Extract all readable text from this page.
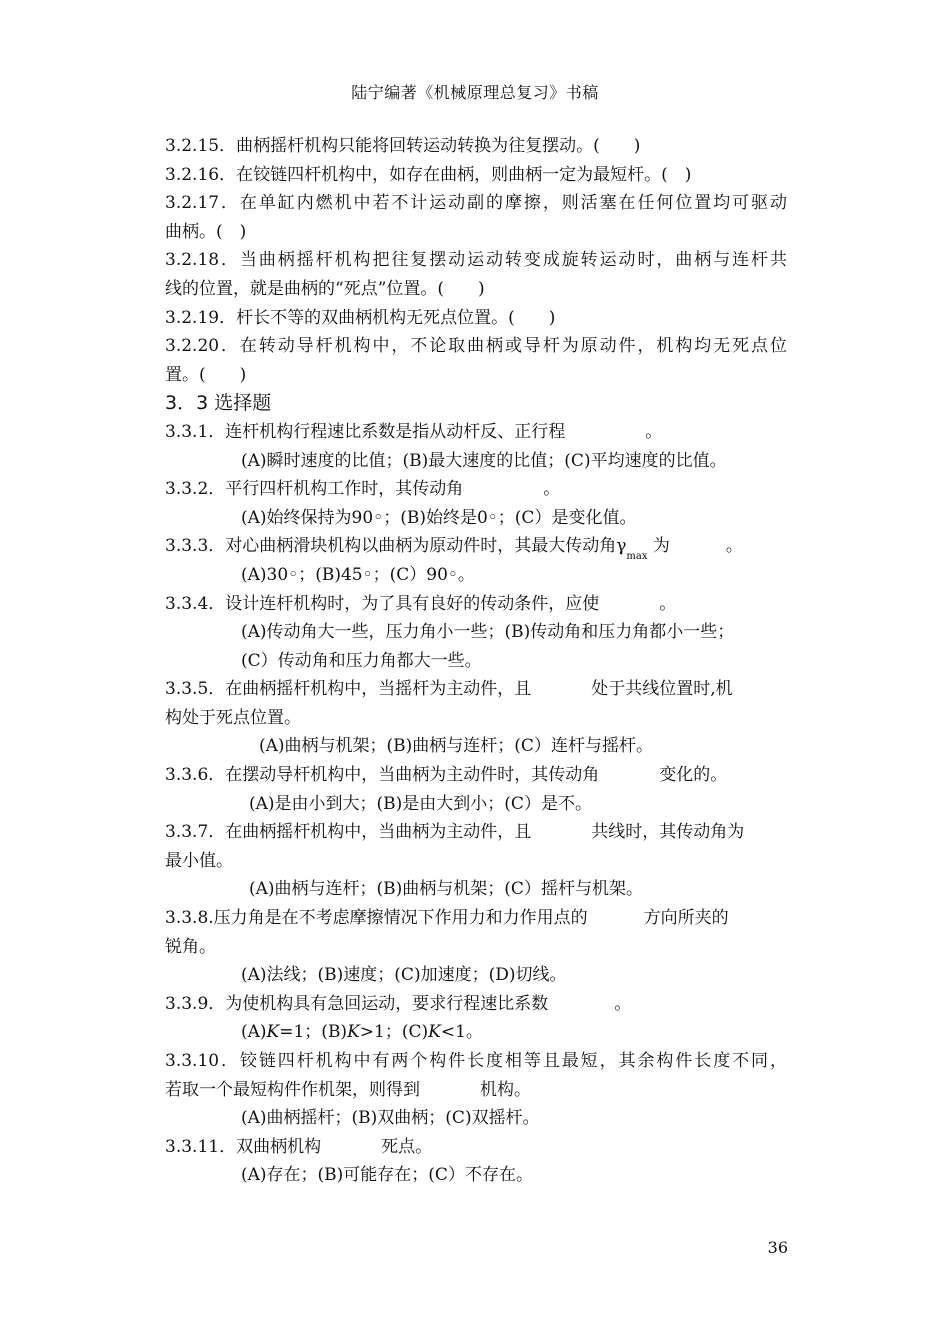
陆宁编著《机械原理总复习》书稿
3.2.15．曲柄摇杆机构只能将回转运动转换为往复摆动。(　　)
3.2.16．在铰链四杆机构中，如存在曲柄，则曲柄一定为最短杆。(　)
3.2.17．在单缸内燃机中若不计运动副的摩擦，则活塞在任何位置均可驱动
曲柄。(　)
3.2.18．当曲柄摇杆机构把往复摆动运动转变成旋转运动时，曲柄与连杆共
线的位置，就是曲柄的“死点”位置。(　　)
3.2.19．杆长不等的双曲柄机构无死点位置。(　　)
3.2.20．在转动导杆机构中，不论取曲柄或导杆为原动件，机构均无死点位
置。(　　)
3．3 选择题
3.3.1．连杆机构行程速比系数是指从动杆反、正行程	。
(A)瞬时速度的比值；(B)最大速度的比值；(C)平均速度的比值。
3.3.2．平行四杆机构工作时，其传动角	。
(A)始终保持为90◦；(B)始终是0◦；(C）是变化值。
3.3.3．对心曲柄滑块机构以曲柄为原动件时，其最大传动角$\gamma_{max}$ 为	。
(A)30◦；(B)45◦；(C）90◦。
3.3.4．设计连杆机构时，为了具有良好的传动条件，应使	。
(A)传动角大一些，压力角小一些；(B)传动角和压力角都小一些；
(C）传动角和压力角都大一些。
3.3.5．在曲柄摇杆机构中，当摇杆为主动件，且	处于共线位置时,机
构处于死点位置。
(A)曲柄与机架；(B)曲柄与连杆；(C）连杆与摇杆。
3.3.6．在摆动导杆机构中，当曲柄为主动件时，其传动角	变化的。
(A)是由小到大；(B)是由大到小；(C）是不。
3.3.7．在曲柄摇杆机构中，当曲柄为主动件，且	共线时，其传动角为
最小值。
(A)曲柄与连杆；(B)曲柄与机架；(C）摇杆与机架。
3.3.8.压力角是在不考虑摩擦情况下作用力和力作用点的	方向所夹的
锐角。
(A)法线；(B)速度；(C)加速度；(D)切线。
3.3.9．为使机构具有急回运动，要求行程速比系数	。
(A)K=1；(B)K>1；(C)K<1。
3.3.10．铰链四杆机构中有两个构件长度相等且最短，其余构件长度不同，
若取一个最短构件作机架，则得到	机构。
(A)曲柄摇杆；(B)双曲柄；(C)双摇杆。
3.3.11．双曲柄机构	死点。
(A)存在；(B)可能存在；(C）不存在。
36
